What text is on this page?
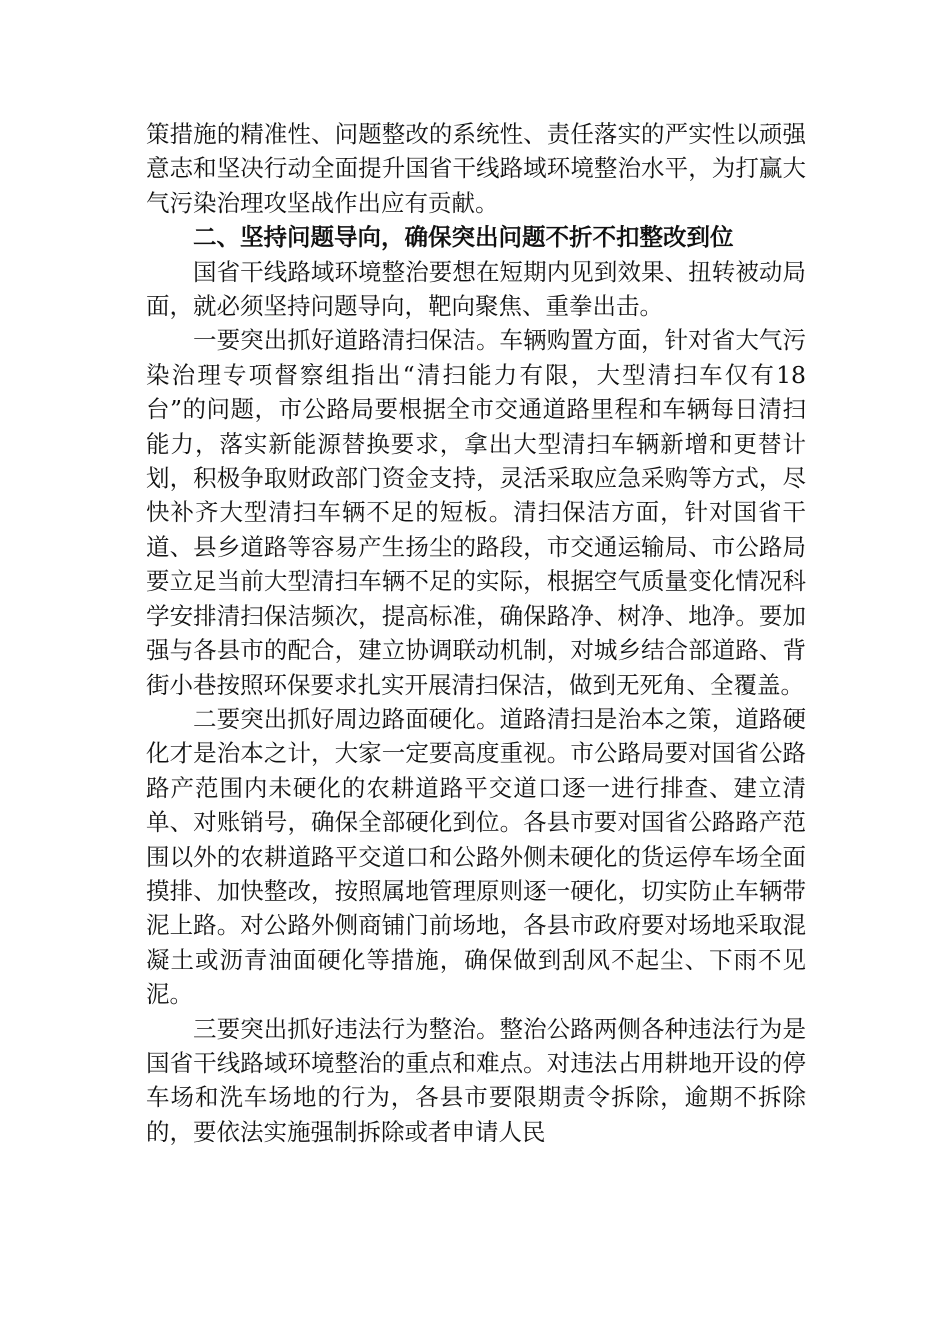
策措施的精准性、问题整改的系统性、责任落实的严实性以顽强意志和坚决行动全面提升国省干线路域环境整治水平，为打赢大气污染治理攻坚战作出应有贡献。

二、坚持问题导向，确保突出问题不折不扣整改到位

国省干线路域环境整治要想在短期内见到效果、扭转被动局面，就必须坚持问题导向，靶向聚焦、重拳出击。

一要突出抓好道路清扫保洁。车辆购置方面，针对省大气污染治理专项督察组指出“清扫能力有限，大型清扫车仅有18台”的问题，市公路局要根据全市交通道路里程和车辆每日清扫能力，落实新能源替换要求，拿出大型清扫车辆新增和更替计划，积极争取财政部门资金支持，灵活采取应急采购等方式，尽快补齐大型清扫车辆不足的短板。清扫保洁方面，针对国省干道、县乡道路等容易产生扬尘的路段，市交通运输局、市公路局要立足当前大型清扫车辆不足的实际，根据空气质量变化情况科学安排清扫保洁频次，提高标准，确保路净、树净、地净。要加强与各县市的配合，建立协调联动机制，对城乡结合部道路、背街小巷按照环保要求扎实开展清扫保洁，做到无死角、全覆盖。

二要突出抓好周边路面硬化。道路清扫是治本之策，道路硬化才是治本之计，大家一定要高度重视。市公路局要对国省公路路产范围内未硬化的农耕道路平交道口逐一进行排查、建立清单、对账销号，确保全部硬化到位。各县市要对国省公路路产范围以外的农耕道路平交道口和公路外侧未硬化的货运停车场全面摸排、加快整改，按照属地管理原则逐一硬化，切实防止车辆带泥上路。对公路外侧商铺门前场地，各县市政府要对场地采取混凝土或沥青油面硬化等措施，确保做到刮风不起尘、下雨不见泥。

三要突出抓好违法行为整治。整治公路两侧各种违法行为是国省干线路域环境整治的重点和难点。对违法占用耕地开设的停车场和洗车场地的行为，各县市要限期责令拆除，逾期不拆除的，要依法实施强制拆除或者申请人民
